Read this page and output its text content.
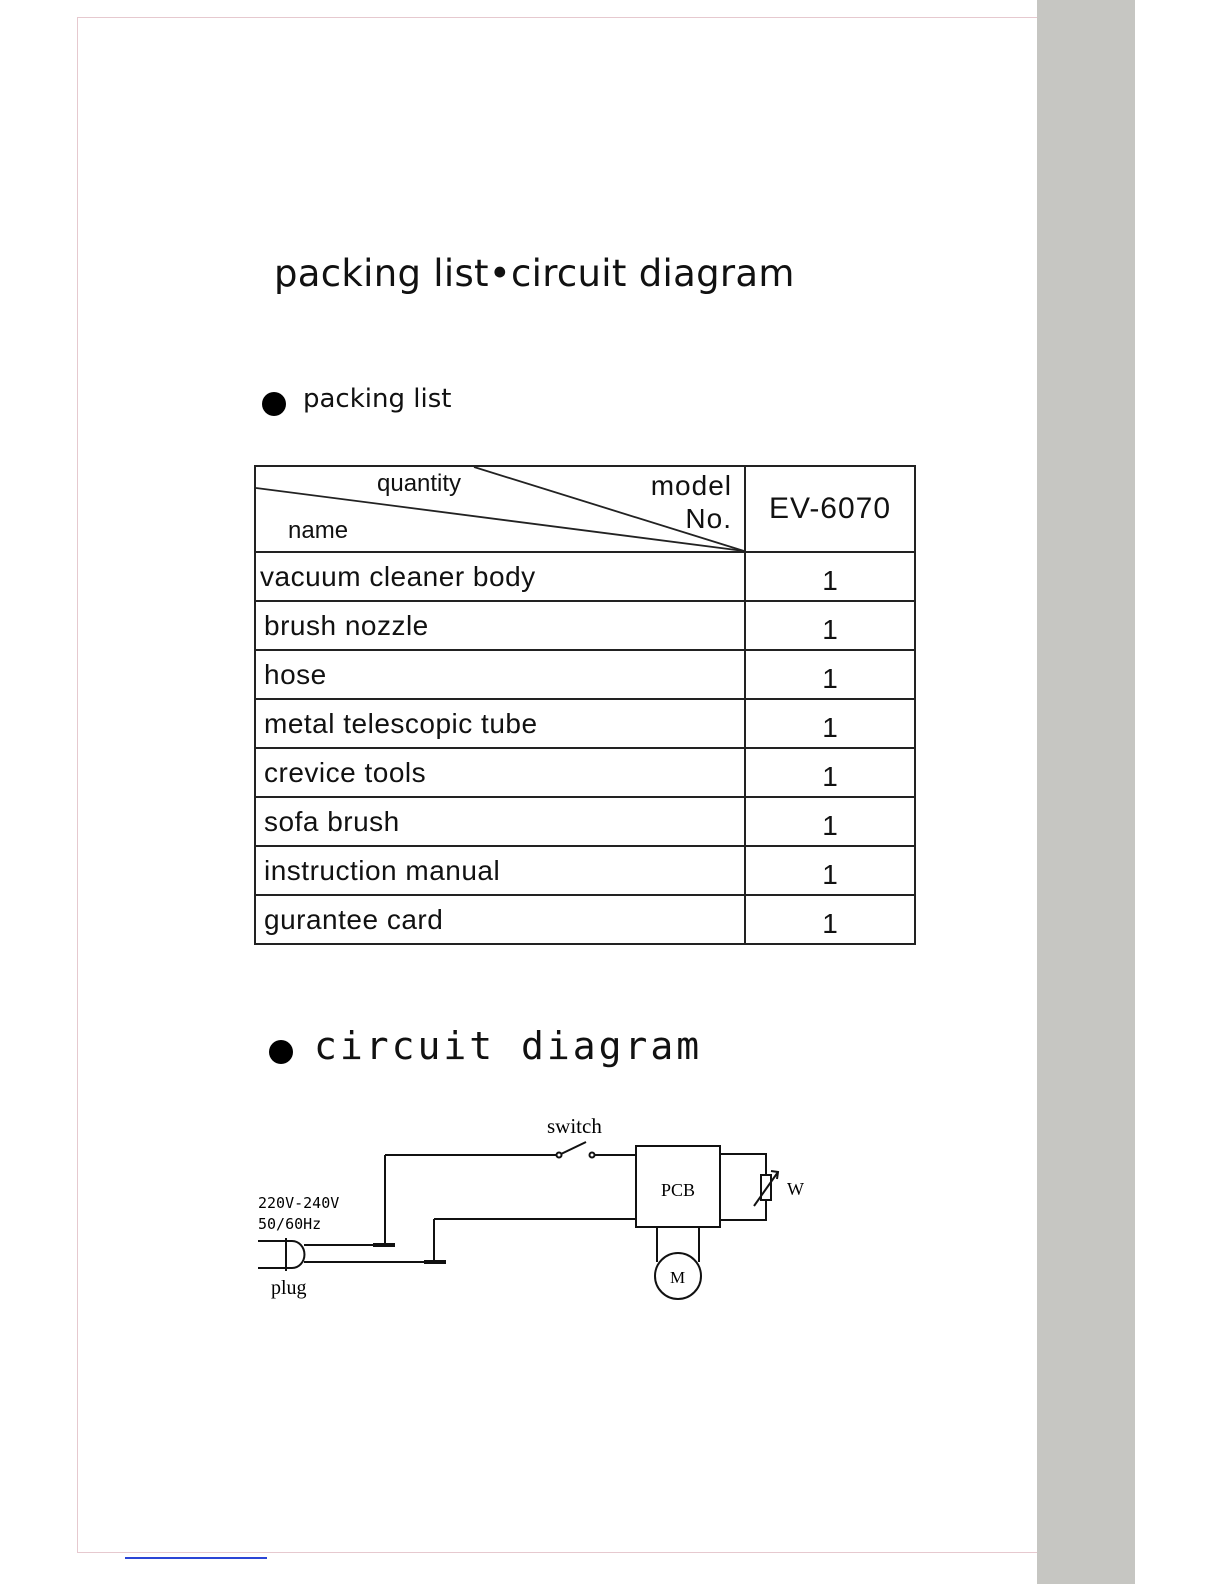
packing list•circuit diagram
packing list
quantity
name
model
No.	EV-6070
vacuum cleaner body	1
brush nozzle	1
hose	1
metal telescopic tube	1
crevice tools	1
sofa brush	1
instruction manual	1
gurantee card	1
circuit diagram
switch
PCB	W
M
220V-240V
50/60Hz
plug
